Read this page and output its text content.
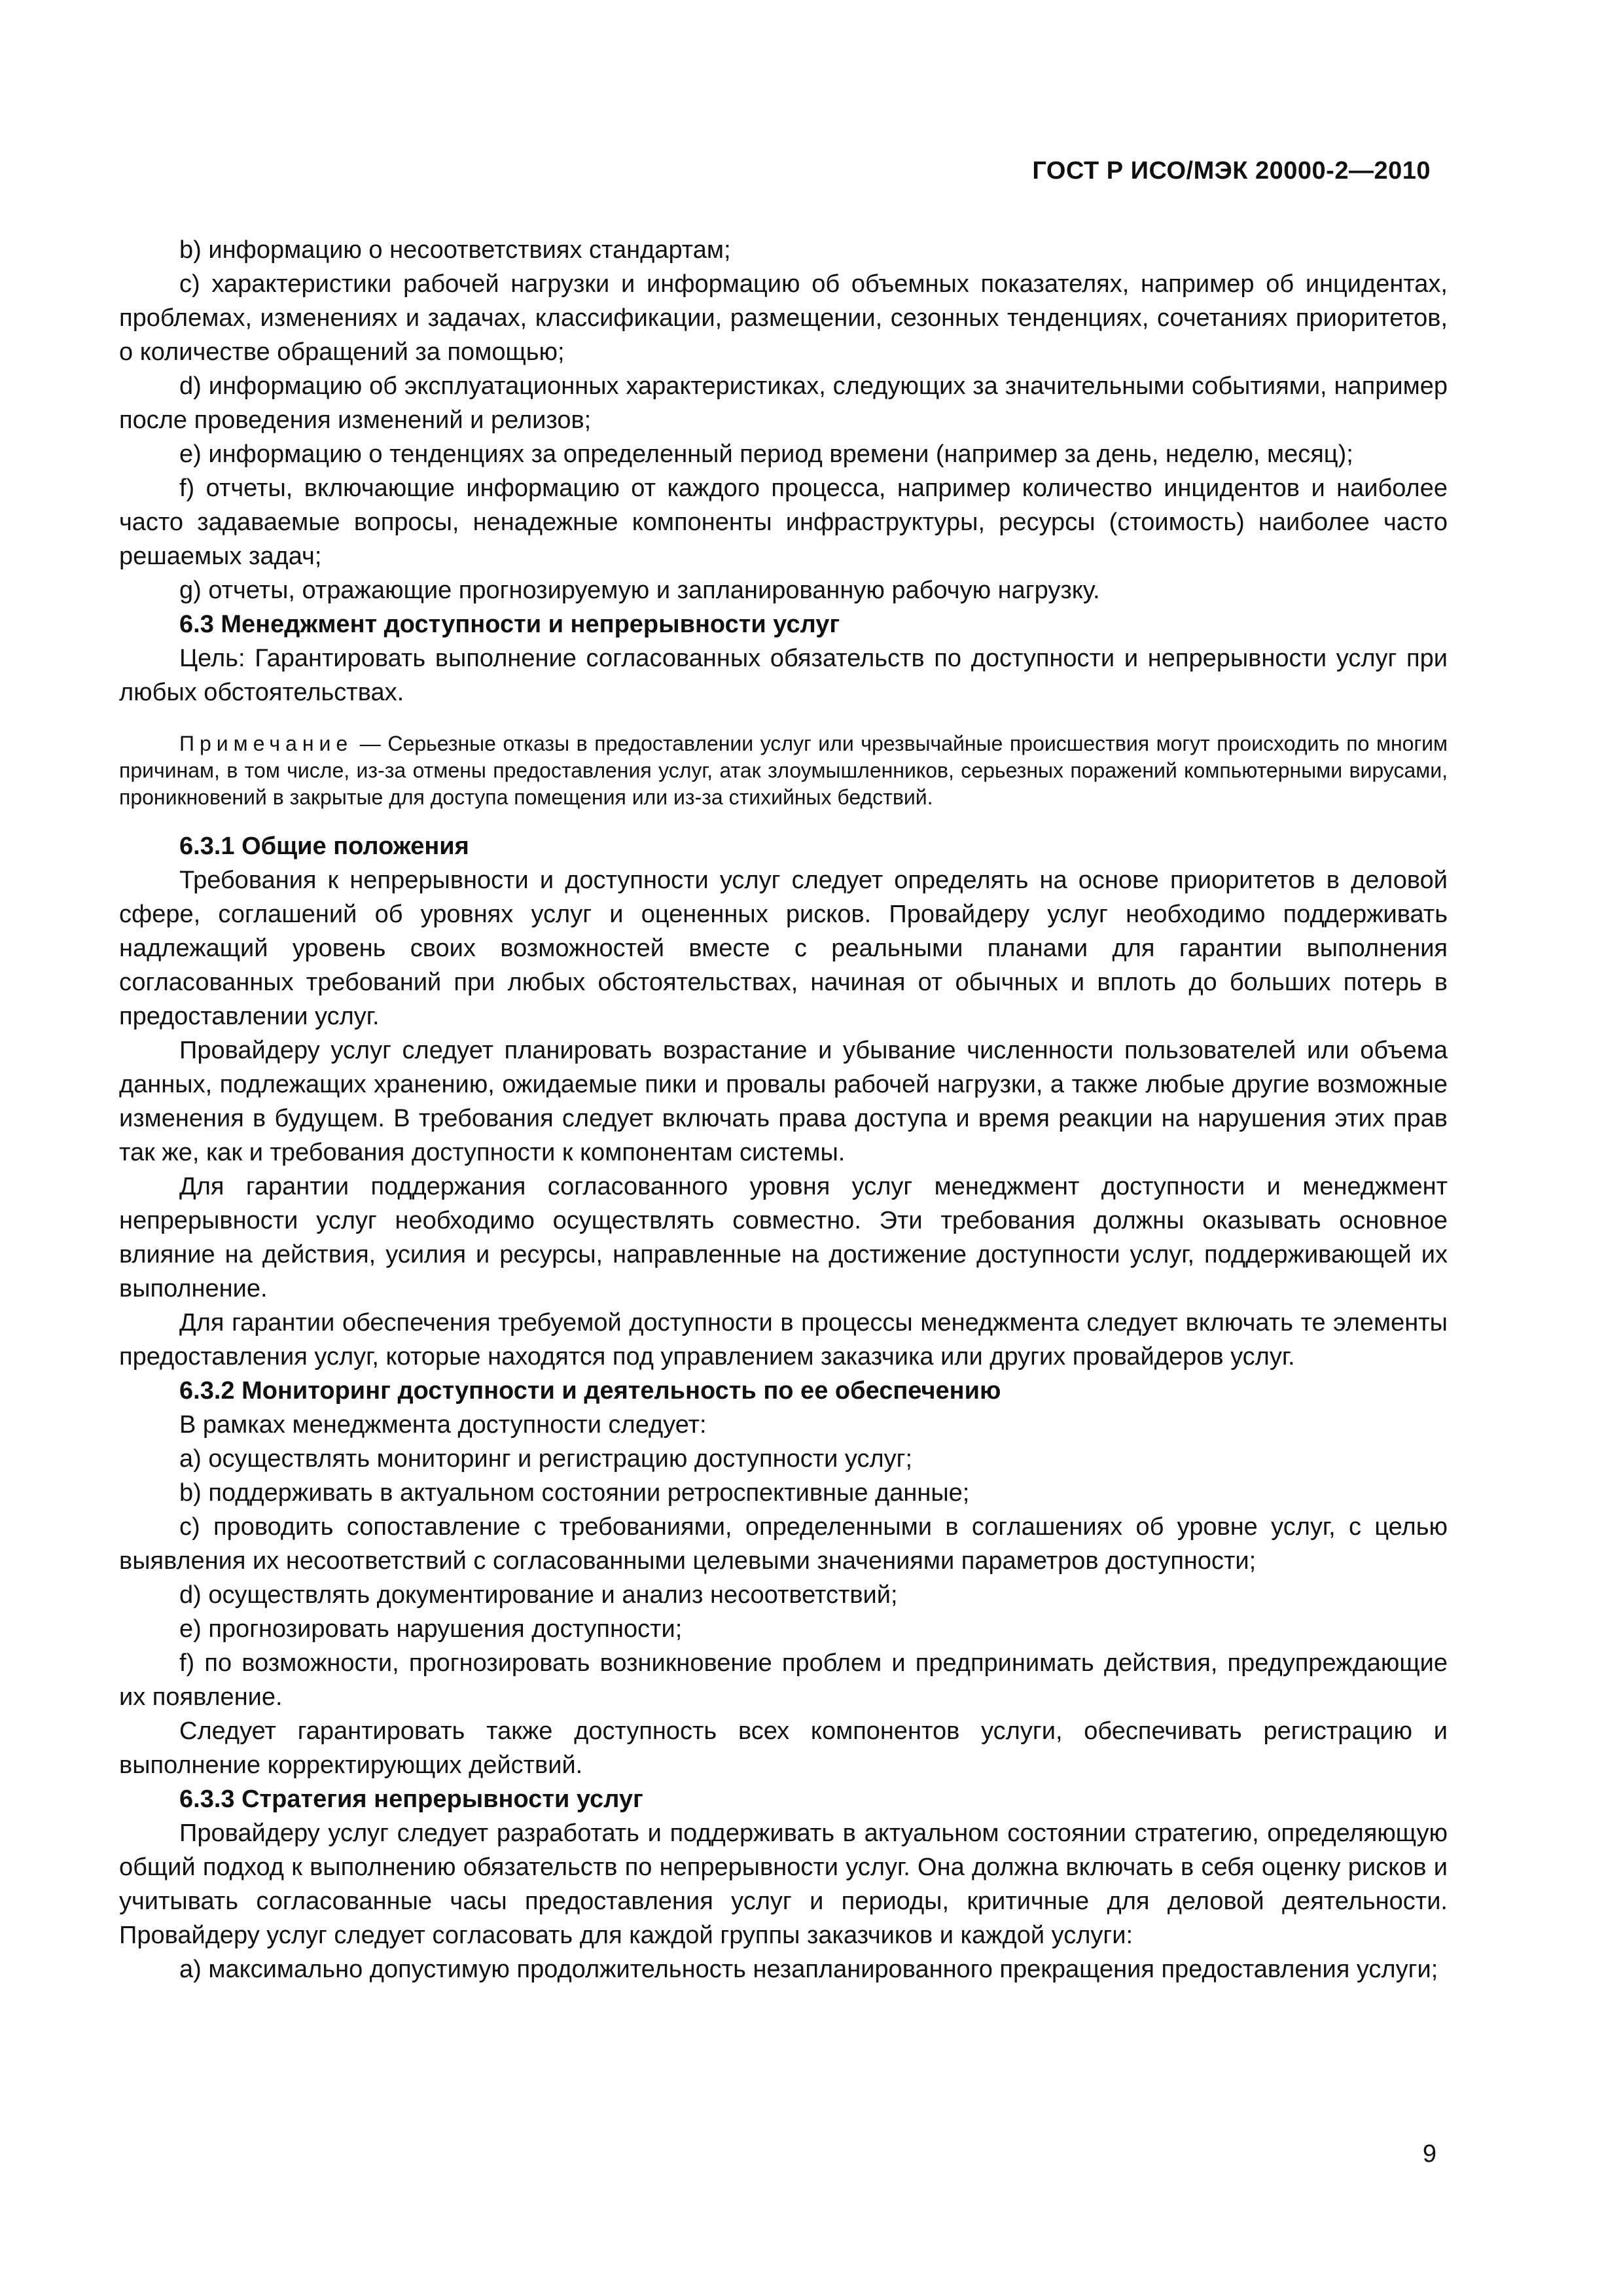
ГОСТ Р ИСО/МЭК 20000-2—2010

b) информацию о несоответствиях стандартам;

c) характеристики рабочей нагрузки и информацию об объемных показателях, например об инцидентах, проблемах, изменениях и задачах, классификации, размещении, сезонных тенденциях, сочетаниях приоритетов, о количестве обращений за помощью;

d) информацию об эксплуатационных характеристиках, следующих за значительными событиями, например после проведения изменений и релизов;

e) информацию о тенденциях за определенный период времени (например за день, неделю, месяц);

f) отчеты, включающие информацию от каждого процесса, например количество инцидентов и наиболее часто задаваемые вопросы, ненадежные компоненты инфраструктуры, ресурсы (стоимость) наиболее часто решаемых задач;

g) отчеты, отражающие прогнозируемую и запланированную рабочую нагрузку.

6.3 Менеджмент доступности и непрерывности услуг

Цель: Гарантировать выполнение согласованных обязательств по доступности и непрерывности услуг при любых обстоятельствах.

Примечание — Серьезные отказы в предоставлении услуг или чрезвычайные происшествия могут происходить по многим причинам, в том числе, из-за отмены предоставления услуг, атак злоумышленников, серьезных поражений компьютерными вирусами, проникновений в закрытые для доступа помещения или из-за стихийных бедствий.
6.3.1 Общие положения

Требования к непрерывности и доступности услуг следует определять на основе приоритетов в деловой сфере, соглашений об уровнях услуг и оцененных рисков. Провайдеру услуг необходимо поддерживать надлежащий уровень своих возможностей вместе с реальными планами для гарантии выполнения согласованных требований при любых обстоятельствах, начиная от обычных и вплоть до больших потерь в предоставлении услуг.

Провайдеру услуг следует планировать возрастание и убывание численности пользователей или объема данных, подлежащих хранению, ожидаемые пики и провалы рабочей нагрузки, а также любые другие возможные изменения в будущем. В требования следует включать права доступа и время реакции на нарушения этих прав так же, как и требования доступности к компонентам системы.

Для гарантии поддержания согласованного уровня услуг менеджмент доступности и менеджмент непрерывности услуг необходимо осуществлять совместно. Эти требования должны оказывать основное влияние на действия, усилия и ресурсы, направленные на достижение доступности услуг, поддерживающей их выполнение.

Для гарантии обеспечения требуемой доступности в процессы менеджмента следует включать те элементы предоставления услуг, которые находятся под управлением заказчика или других провайдеров услуг.

6.3.2 Мониторинг доступности и деятельность по ее обеспечению

В рамках менеджмента доступности следует:

a) осуществлять мониторинг и регистрацию доступности услуг;

b) поддерживать в актуальном состоянии ретроспективные данные;

c) проводить сопоставление с требованиями, определенными в соглашениях об уровне услуг, с целью выявления их несоответствий с согласованными целевыми значениями параметров доступности;

d) осуществлять документирование и анализ несоответствий;

e) прогнозировать нарушения доступности;

f) по возможности, прогнозировать возникновение проблем и предпринимать действия, предупреждающие их появление.

Следует гарантировать также доступность всех компонентов услуги, обеспечивать регистрацию и выполнение корректирующих действий.

6.3.3 Стратегия непрерывности услуг

Провайдеру услуг следует разработать и поддерживать в актуальном состоянии стратегию, определяющую общий подход к выполнению обязательств по непрерывности услуг. Она должна включать в себя оценку рисков и учитывать согласованные часы предоставления услуг и периоды, критичные для деловой деятельности. Провайдеру услуг следует согласовать для каждой группы заказчиков и каждой услуги:

a) максимально допустимую продолжительность незапланированного прекращения предоставления услуги;

9
